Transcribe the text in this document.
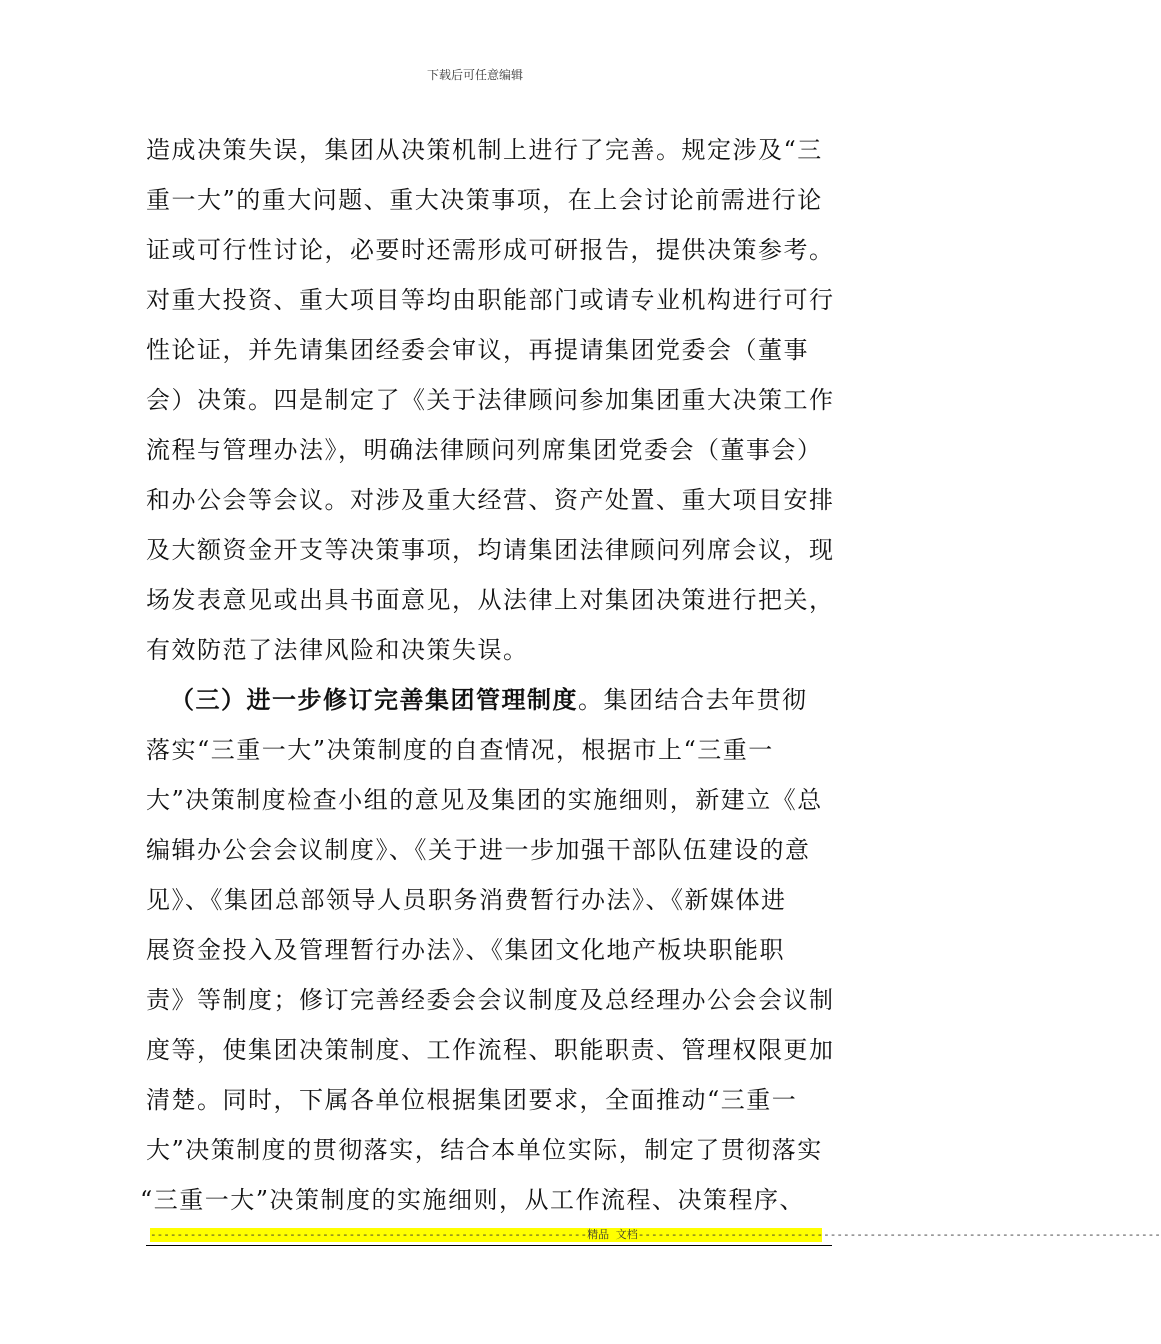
下载后可任意编辑
造成决策失误，集团从决策机制上进行了完善。规定涉及“三
重一大”的重大问题、重大决策事项，在上会讨论前需进行论
证或可行性讨论，必要时还需形成可研报告，提供决策参考。
对重大投资、重大项目等均由职能部门或请专业机构进行可行
性论证，并先请集团经委会审议，再提请集团党委会（董事
会）决策。四是制定了《关于法律顾问参加集团重大决策工作
流程与管理办法》，明确法律顾问列席集团党委会（董事会）
和办公会等会议。对涉及重大经营、资产处置、重大项目安排
及大额资金开支等决策事项，均请集团法律顾问列席会议，现
场发表意见或出具书面意见，从法律上对集团决策进行把关，
有效防范了法律风险和决策失误。
（三）进一步修订完善集团管理制度。集团结合去年贯彻
落实“三重一大”决策制度的自查情况，根据市上“三重一
大”决策制度检查小组的意见及集团的实施细则，新建立《总
编辑办公会会议制度》、《关于进一步加强干部队伍建设的意
见》、《集团总部领导人员职务消费暂行办法》、《新媒体进
展资金投入及管理暂行办法》、《集团文化地产板块职能职
责》等制度；修订完善经委会会议制度及总经理办公会会议制
度等，使集团决策制度、工作流程、职能职责、管理权限更加
清楚。同时，下属各单位根据集团要求，全面推动“三重一
大”决策制度的贯彻落实，结合本单位实际，制定了贯彻落实
“三重一大”决策制度的实施细则，从工作流程、决策程序、
------------------------------------------------------------------精品 文档-------------------------------------------------------------------------------
